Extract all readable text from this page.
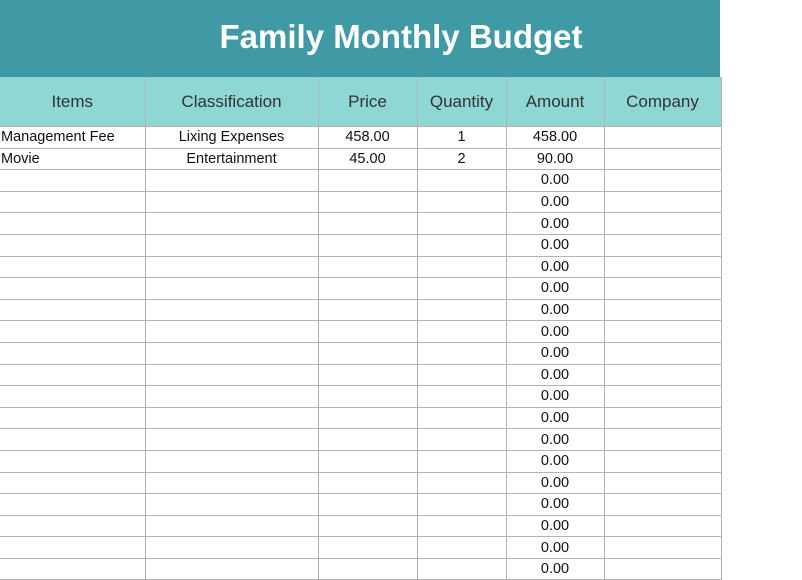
Family Monthly Budget
Items	Classification	Price	Quantity	Amount	Company
Management Fee	Lixing Expenses	458.00	1	458.00	
Movie	Entertainment	45.00	2	90.00	
				0.00	
				0.00	
				0.00	
				0.00	
				0.00	
				0.00	
				0.00	
				0.00	
				0.00	
				0.00	
				0.00	
				0.00	
				0.00	
				0.00	
				0.00	
				0.00	
				0.00	
				0.00	
				0.00	
